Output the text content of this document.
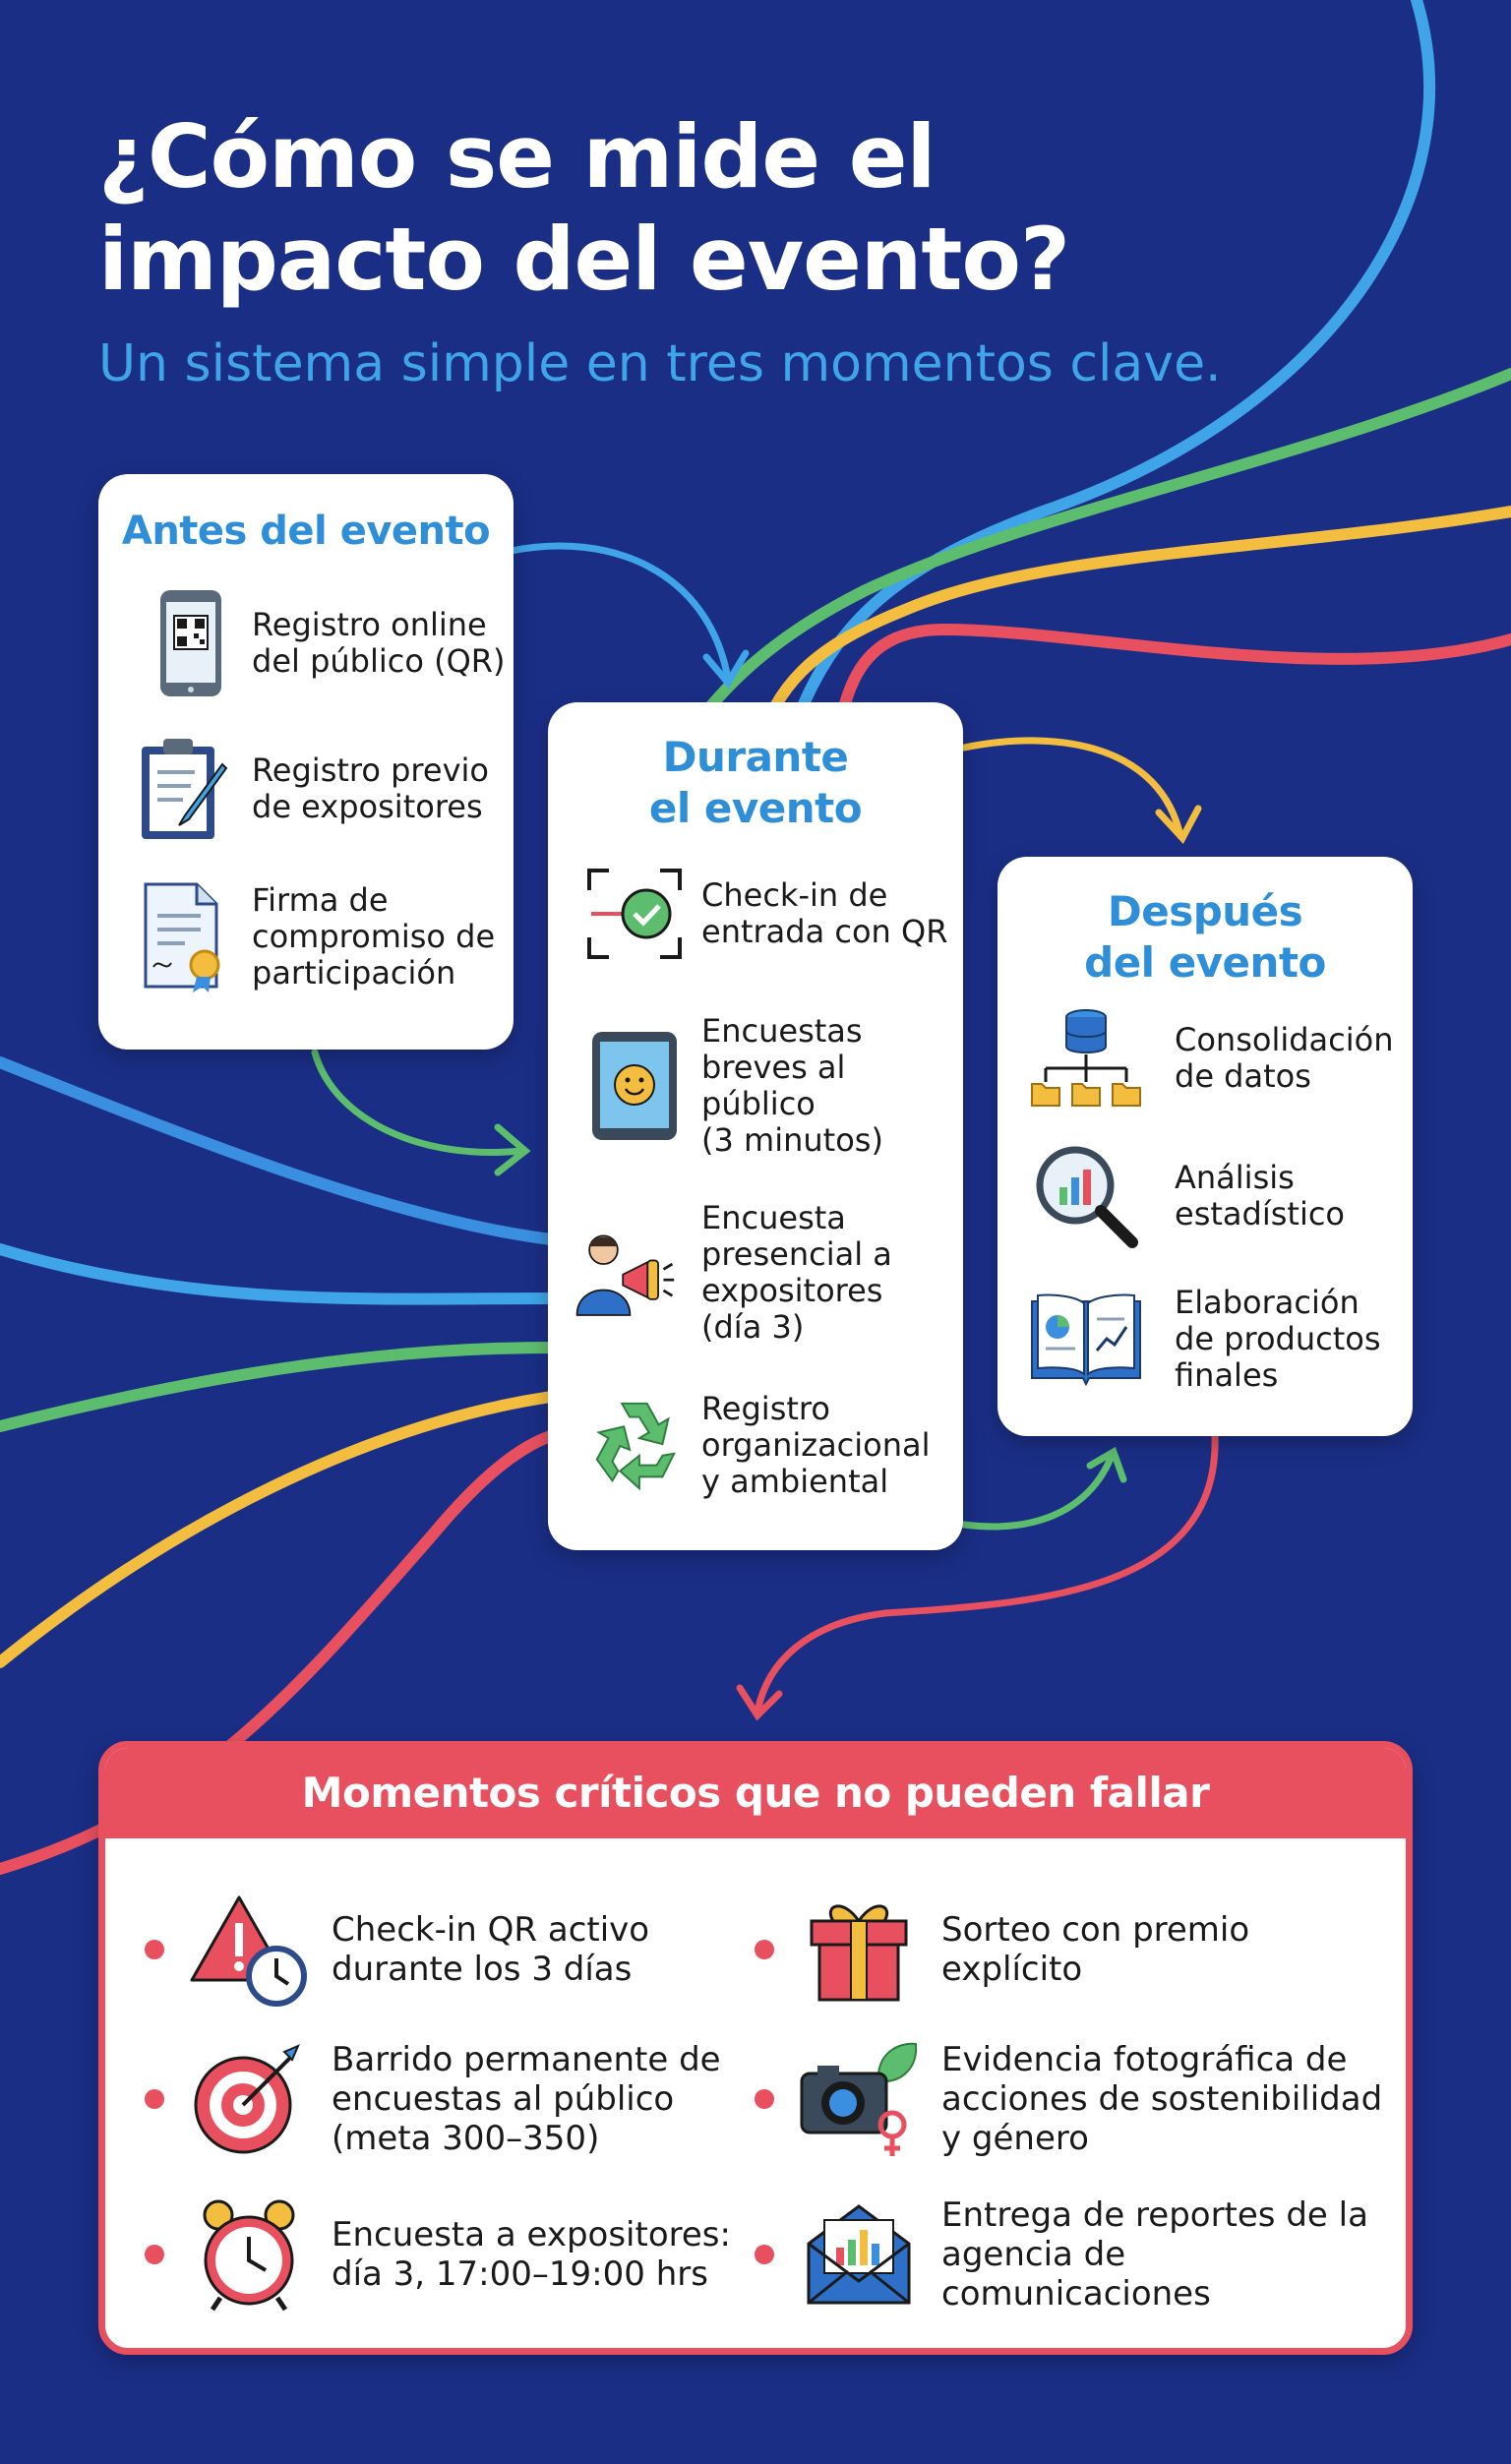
¿Cómo se mide el
impacto del evento?

Un sistema simple en tres momentos clave.

Antes del evento
Registro online
del público (QR)
Registro previo
de expositores
Firma de
compromiso de
participación
Durante
el evento
Check-in de
entrada con QR
Encuestas
breves al
público
(3 minutos)
Encuesta
presencial a
expositores
(día 3)
Registro
organizacional
y ambiental
Después
del evento
Consolidación
de datos
Análisis
estadístico
Elaboración
de productos
finales
Momentos críticos que no pueden fallar
Check-in QR activo
durante los 3 días
Barrido permanente de
encuestas al público
(meta 300–350)
Encuesta a expositores:
día 3, 17:00–19:00 hrs
Sorteo con premio
explícito
Evidencia fotográfica de
acciones de sostenibilidad
y género
Entrega de reportes de la
agencia de comunicaciones
